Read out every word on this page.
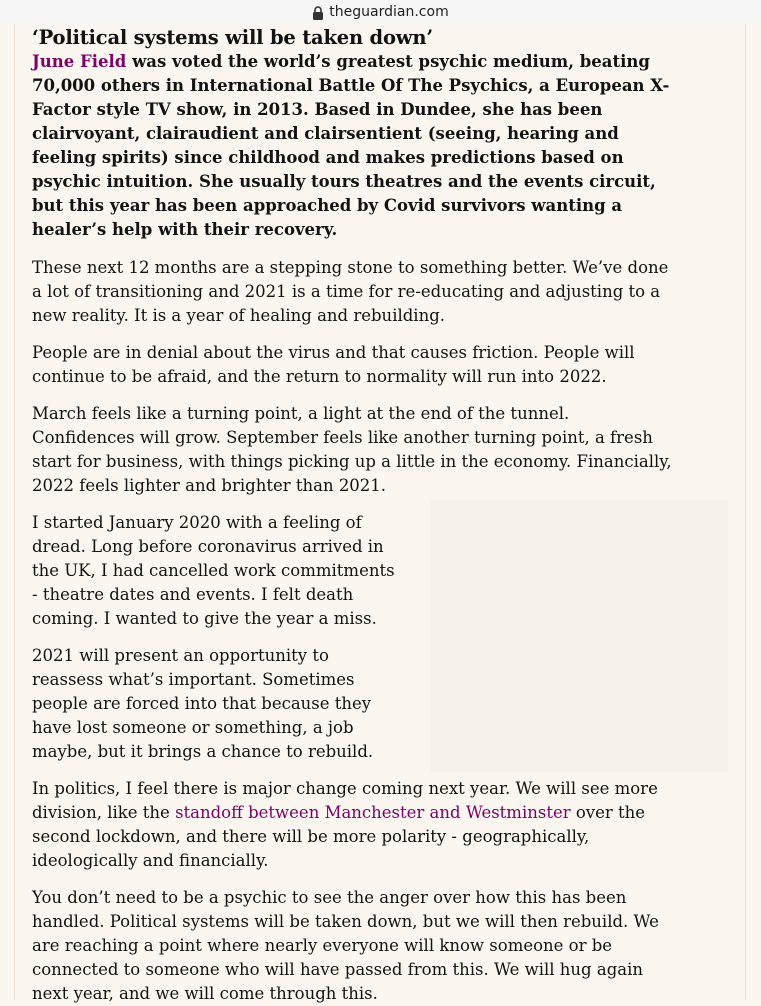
theguardian.com
‘Political systems will be taken down’

June Field was voted the world’s greatest psychic medium, beating 70,000 others in International Battle Of The Psychics, a European X-Factor style TV show, in 2013. Based in Dundee, she has been clairvoyant, clairaudient and clairsentient (seeing, hearing and feeling spirits) since childhood and makes predictions based on psychic intuition. She usually tours theatres and the events circuit, but this year has been approached by Covid survivors wanting a healer’s help with their recovery.

These next 12 months are a stepping stone to something better. We’ve done a lot of transitioning and 2021 is a time for re-educating and adjusting to a new reality. It is a year of healing and rebuilding.

People are in denial about the virus and that causes friction. People will continue to be afraid, and the return to normality will run into 2022.

March feels like a turning point, a light at the end of the tunnel. Confidences will grow. September feels like another turning point, a fresh start for business, with things picking up a little in the economy. Financially, 2022 feels lighter and brighter than 2021.

I started January 2020 with a feeling of dread. Long before coronavirus arrived in the UK, I had cancelled work commitments - theatre dates and events. I felt death coming. I wanted to give the year a miss.

2021 will present an opportunity to reassess what’s important. Sometimes people are forced into that because they have lost someone or something, a job maybe, but it brings a chance to rebuild.

In politics, I feel there is major change coming next year. We will see more division, like the standoff between Manchester and Westminster over the second lockdown, and there will be more polarity - geographically, ideologically and financially.

You don’t need to be a psychic to see the anger over how this has been handled. Political systems will be taken down, but we will then rebuild. We are reaching a point where nearly everyone will know someone or be connected to someone who will have passed from this. We will hug again next year, and we will come through this.
